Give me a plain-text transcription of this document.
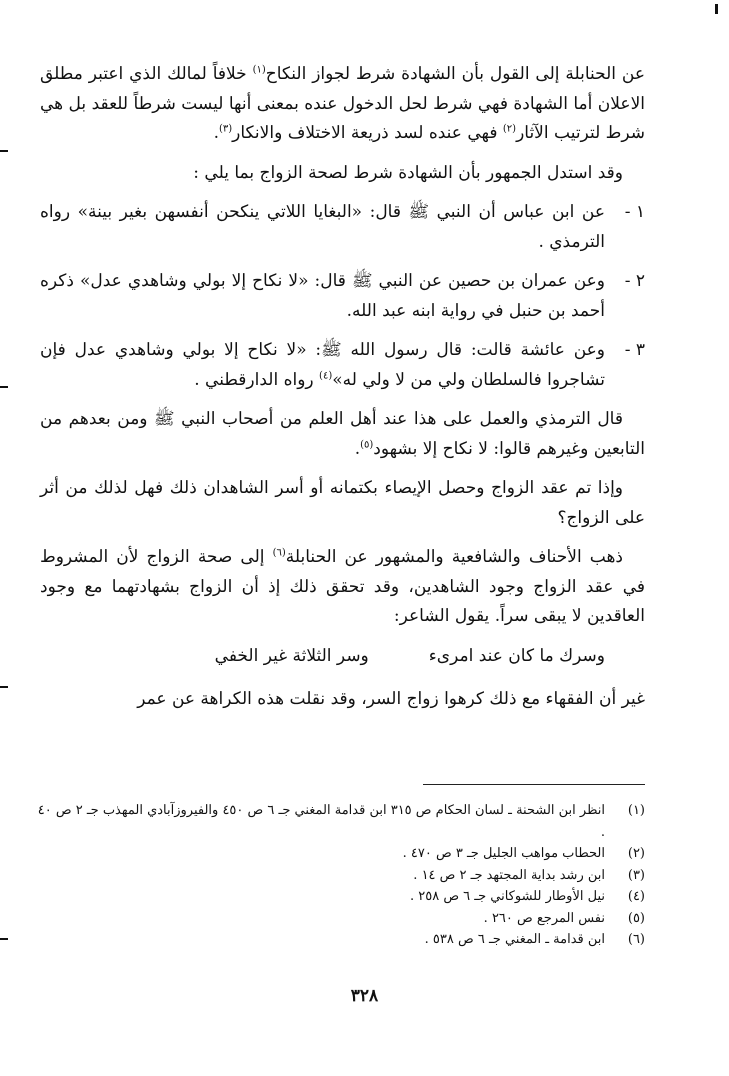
عن الحنابلة إلى القول بأن الشهادة شرط لجواز النكاح$^{(١)}$ خلافاً لمالك الذي اعتبر مطلق الاعلان أما الشهادة فهي شرط لحل الدخول عنده بمعنى أنها ليست شرطاً للعقد بل هي شرط لترتيب الآثار$^{(٢)}$ فهي عنده لسد ذريعة الاختلاف والانكار$^{(٣)}$.

وقد استدل الجمهور بأن الشهادة شرط لصحة الزواج بما يلي :

١ -
عن ابن عباس أن النبي ﷺ قال: «البغايا اللاتي ينكحن أنفسهن بغير بينة» رواه الترمذي .
٢ -
وعن عمران بن حصين عن النبي ﷺ قال: «لا نكاح إلا بولي وشاهدي عدل» ذكره أحمد بن حنبل في رواية ابنه عبد الله.
٣ -
وعن عائشة قالت: قال رسول الله ﷺ: «لا نكاح إلا بولي وشاهدي عدل فإن تشاجروا فالسلطان ولي من لا ولي له»$^{(٤)}$ رواه الدارقطني .

قال الترمذي والعمل على هذا عند أهل العلم من أصحاب النبي ﷺ ومن بعدهم من التابعين وغيرهم قالوا: لا نكاح إلا بشهود$^{(٥)}$.

وإذا تم عقد الزواج وحصل الإيصاء بكتمانه أو أسر الشاهدان ذلك فهل لذلك من أثر على الزواج؟

ذهب الأحناف والشافعية والمشهور عن الحنابلة$^{(٦)}$ إلى صحة الزواج لأن المشروط في عقد الزواج وجود الشاهدين، وقد تحقق ذلك إذ أن الزواج بشهادتهما مع وجود العاقدين لا يبقى سراً. يقول الشاعر:

وسرك ما كان عند امرىء
وسر الثلاثة غير الخفي

غير أن الفقهاء مع ذلك كرهوا زواج السر، وقد نقلت هذه الكراهة عن عمر

(١)
انظر ابن الشحنة ـ لسان الحكام ص ٣١٥ ابن قدامة المغني جـ ٦ ص ٤٥٠ والفيروزآبادي المهذب جـ ٢ ص ٤٠ .
(٢)
الحطاب مواهب الجليل جـ ٣ ص ٤٧٠ .
(٣)
ابن رشد بداية المجتهد جـ ٢ ص ١٤ .
(٤)
نيل الأوطار للشوكاني جـ ٦ ص ٢٥٨ .
(٥)
نفس المرجع ص ٢٦٠ .
(٦)
ابن قدامة ـ المغني جـ ٦ ص ٥٣٨ .
٣٢٨
